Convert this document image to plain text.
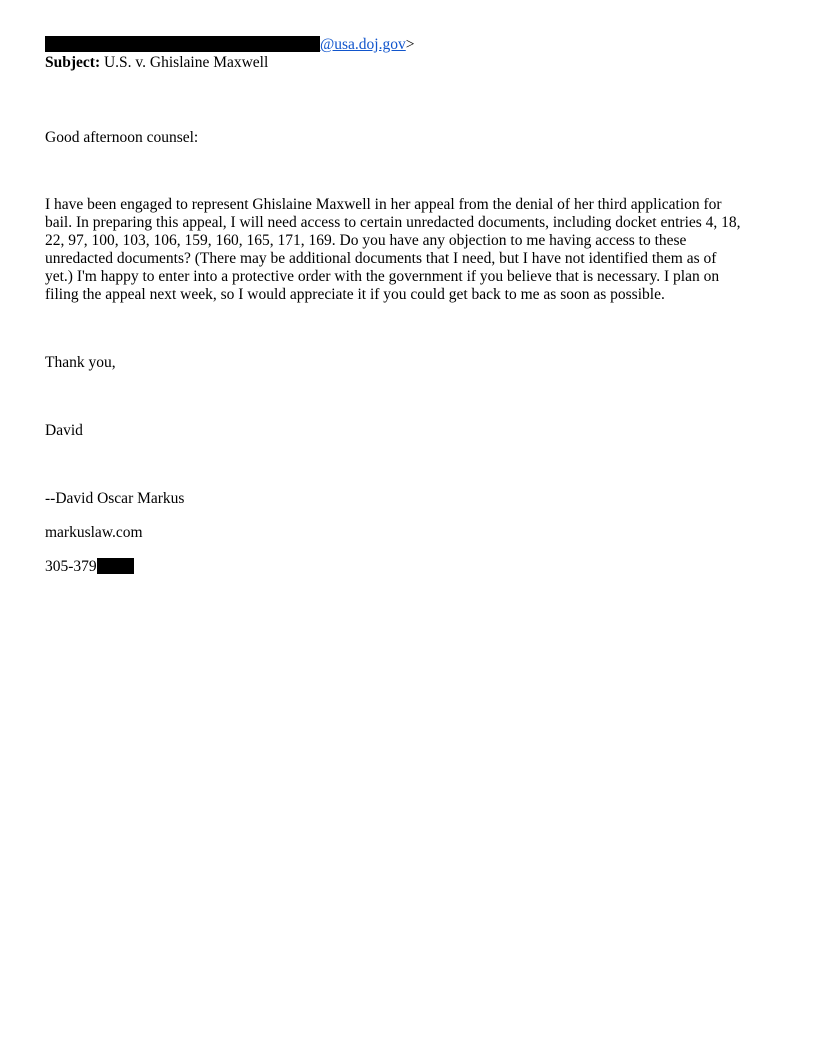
@usa.doj.gov>

Subject: U.S. v. Ghislaine Maxwell

Good afternoon counsel:

I have been engaged to represent Ghislaine Maxwell in her appeal from the denial of her third application for
bail. In preparing this appeal, I will need access to certain unredacted documents, including docket entries 4, 18,
22, 97, 100, 103, 106, 159, 160, 165, 171, 169. Do you have any objection to me having access to these
unredacted documents? (There may be additional documents that I need, but I have not identified them as of
yet.) I'm happy to enter into a protective order with the government if you believe that is necessary. I plan on
filing the appeal next week, so I would appreciate it if you could get back to me as soon as possible.

Thank you,

David

--David Oscar Markus

markuslaw.com

305-379
